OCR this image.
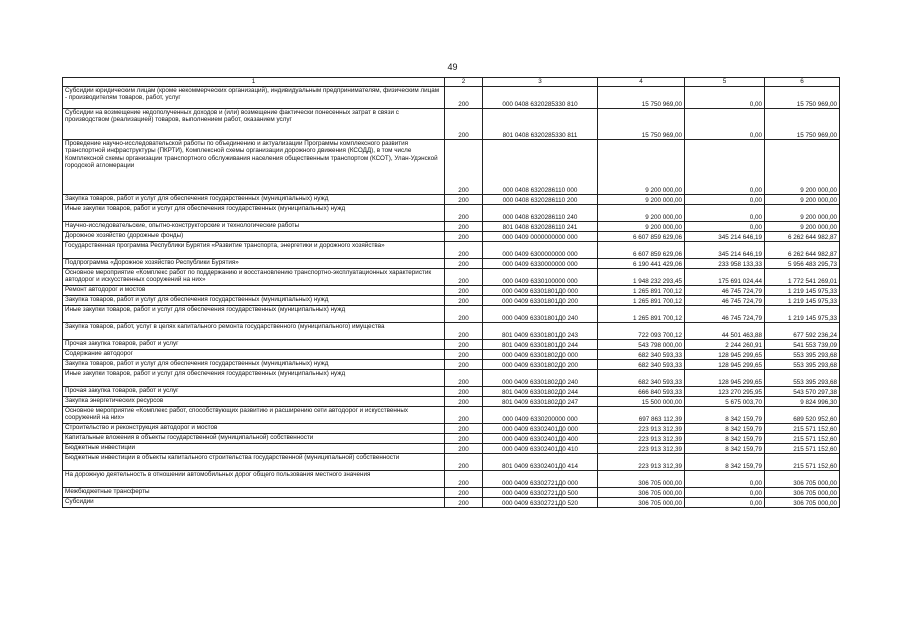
49
1	2	3	4	5	6
Субсидии юридическим лицам (кроме некоммерческих организаций), индивидуальным предпринимателям, физическим лицам - производителям товаров, работ, услуг	200	000 0408 6320285330 810	15 750 969,00	0,00	15 750 969,00
Субсидии на возмещение недополученных доходов и (или) возмещение фактически понесенных затрат в связи с производством (реализацией) товаров, выполнением работ, оказанием услуг	200	801 0408 6320285330 811	15 750 969,00	0,00	15 750 969,00
Проведение научно-исследовательской работы по объединению и актуализации Программы комплексного развития транспортной инфраструктуры (ПКРТИ), Комплексной схемы организации дорожного движения (КСОДД), в том числе Комплексной схемы организации транспортного обслуживания населения общественным транспортом (КСОТ), Улан-Удэнской городской агломерации	200	000 0408 6320286110 000	9 200 000,00	0,00	9 200 000,00
Закупка товаров, работ и услуг для обеспечения государственных (муниципальных) нужд	200	000 0408 6320286110 200	9 200 000,00	0,00	9 200 000,00
Иные закупки товаров, работ и услуг для обеспечения государственных (муниципальных) нужд	200	000 0408 6320286110 240	9 200 000,00	0,00	9 200 000,00
Научно-исследовательские, опытно-конструкторские и технологические работы	200	801 0408 6320286110 241	9 200 000,00	0,00	9 200 000,00
Дорожное хозяйство (дорожные фонды)	200	000 0409 0000000000 000	6 607 859 629,06	345 214 646,19	6 262 644 982,87
Государственная программа Республики Бурятия «Развитие транспорта, энергетики и дорожного хозяйства»	200	000 0409 6300000000 000	6 607 859 629,06	345 214 646,19	6 262 644 982,87
Подпрограмма «Дорожное хозяйство Республики Бурятия»	200	000 0409 6330000000 000	6 190 441 429,06	233 958 133,33	5 956 483 295,73
Основное мероприятие «Комплекс работ по поддержанию и восстановлению транспортно-эксплуатационных характеристик автодорог и искусственных сооружений на них»	200	000 0409 6330100000 000	1 948 232 293,45	175 691 024,44	1 772 541 269,01
Ремонт автодорог и мостов	200	000 0409 63301801Д0 000	1 265 891 700,12	46 745 724,79	1 219 145 975,33
Закупка товаров, работ и услуг для обеспечения государственных (муниципальных) нужд	200	000 0409 63301801Д0 200	1 265 891 700,12	46 745 724,79	1 219 145 975,33
Иные закупки товаров, работ и услуг для обеспечения государственных (муниципальных) нужд	200	000 0409 63301801Д0 240	1 265 891 700,12	46 745 724,79	1 219 145 975,33
Закупка товаров, работ, услуг в целях капитального ремонта государственного (муниципального) имущества	200	801 0409 63301801Д0 243	722 093 700,12	44 501 463,88	677 592 236,24
Прочая закупка товаров, работ и услуг	200	801 0409 63301801Д0 244	543 798 000,00	2 244 260,91	541 553 739,09
Содержание автодорог	200	000 0409 63301802Д0 000	682 340 593,33	128 945 299,65	553 395 293,68
Закупка товаров, работ и услуг для обеспечения государственных (муниципальных) нужд	200	000 0409 63301802Д0 200	682 340 593,33	128 945 299,65	553 395 293,68
Иные закупки товаров, работ и услуг для обеспечения государственных (муниципальных) нужд	200	000 0409 63301802Д0 240	682 340 593,33	128 945 299,65	553 395 293,68
Прочая закупка товаров, работ и услуг	200	801 0409 63301802Д0 244	666 840 593,33	123 270 295,95	543 570 297,38
Закупка энергетических ресурсов	200	801 0409 63301802Д0 247	15 500 000,00	5 675 003,70	9 824 996,30
Основное мероприятие «Комплекс работ, способствующих развитию и расширению сети автодорог и искусственных сооружений на них»	200	000 0409 6330200000 000	697 863 112,39	8 342 159,79	689 520 952,60
Строительство и реконструкция автодорог и мостов	200	000 0409 63302401Д0 000	223 913 312,39	8 342 159,79	215 571 152,60
Капитальные вложения в объекты государственной (муниципальной) собственности	200	000 0409 63302401Д0 400	223 913 312,39	8 342 159,79	215 571 152,60
Бюджетные инвестиции	200	000 0409 63302401Д0 410	223 913 312,39	8 342 159,79	215 571 152,60
Бюджетные инвестиции в объекты капитального строительства государственной (муниципальной) собственности	200	801 0409 63302401Д0 414	223 913 312,39	8 342 159,79	215 571 152,60
На дорожную деятельность в отношении автомобильных дорог общего пользования местного значения	200	000 0409 63302721Д0 000	306 705 000,00	0,00	306 705 000,00
Межбюджетные трансферты	200	000 0409 63302721Д0 500	306 705 000,00	0,00	306 705 000,00
Субсидии	200	000 0409 63302721Д0 520	306 705 000,00	0,00	306 705 000,00
